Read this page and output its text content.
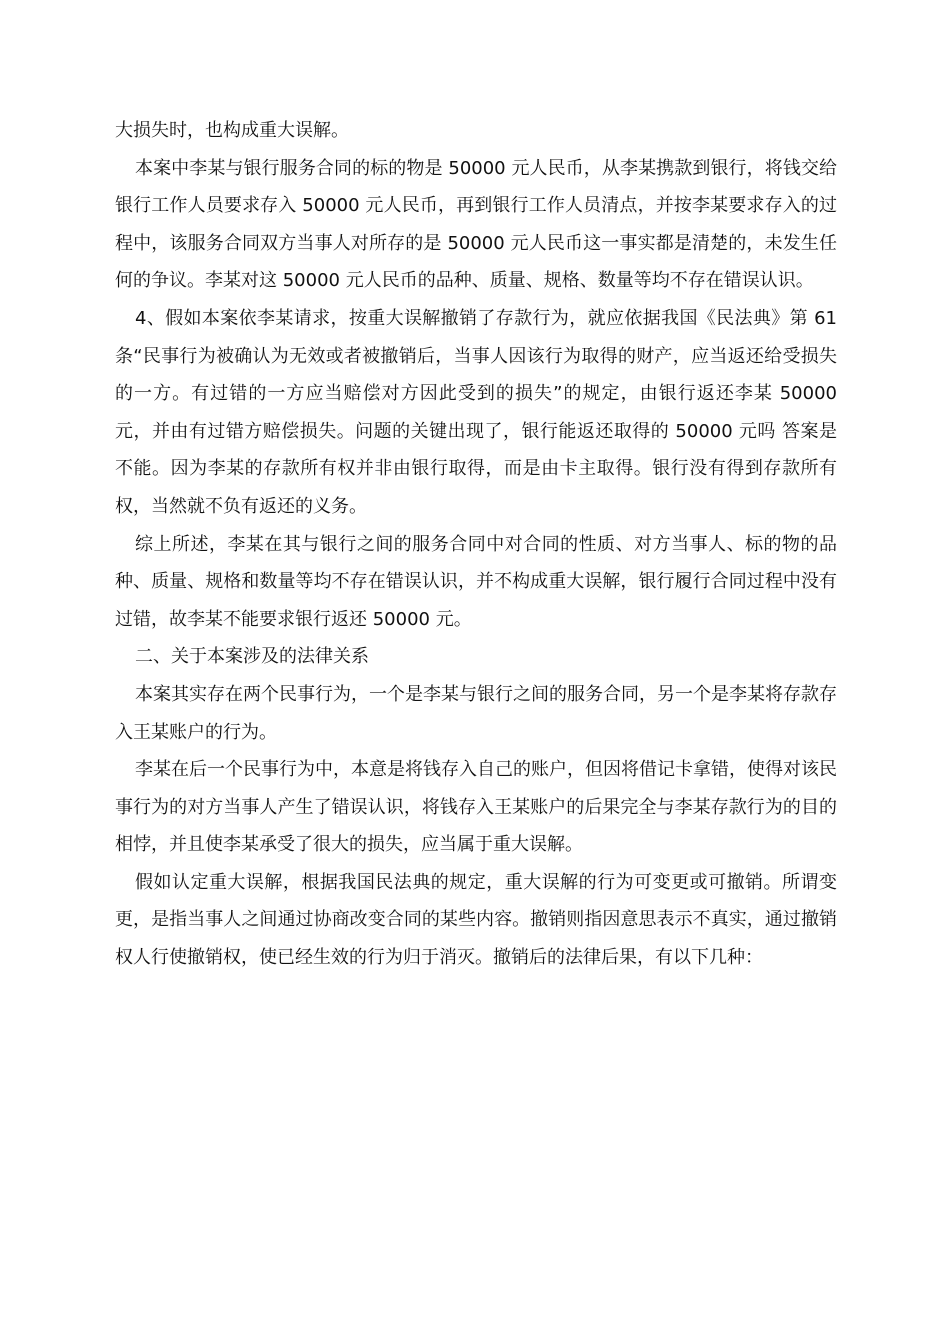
大损失时，也构成重大误解。

本案中李某与银行服务合同的标的物是 50000 元人民币，从李某携款到银行，将钱交给银行工作人员要求存入 50000 元人民币，再到银行工作人员清点，并按李某要求存入的过程中，该服务合同双方当事人对所存的是 50000 元人民币这一事实都是清楚的，未发生任何的争议。李某对这 50000 元人民币的品种、质量、规格、数量等均不存在错误认识。

4、假如本案依李某请求，按重大误解撤销了存款行为，就应依据我国《民法典》第 61 条“民事行为被确认为无效或者被撤销后，当事人因该行为取得的财产，应当返还给受损失的一方。有过错的一方应当赔偿对方因此受到的损失”的规定，由银行返还李某 50000 元，并由有过错方赔偿损失。问题的关键出现了，银行能返还取得的 50000 元吗 答案是不能。因为李某的存款所有权并非由银行取得，而是由卡主取得。银行没有得到存款所有权，当然就不负有返还的义务。

综上所述，李某在其与银行之间的服务合同中对合同的性质、对方当事人、标的物的品种、质量、规格和数量等均不存在错误认识，并不构成重大误解，银行履行合同过程中没有过错，故李某不能要求银行返还 50000 元。

二、关于本案涉及的法律关系

本案其实存在两个民事行为，一个是李某与银行之间的服务合同，另一个是李某将存款存入王某账户的行为。

李某在后一个民事行为中，本意是将钱存入自己的账户，但因将借记卡拿错，使得对该民事行为的对方当事人产生了错误认识，将钱存入王某账户的后果完全与李某存款行为的目的相悖，并且使李某承受了很大的损失，应当属于重大误解。

假如认定重大误解，根据我国民法典的规定，重大误解的行为可变更或可撤销。所谓变更，是指当事人之间通过协商改变合同的某些内容。撤销则指因意思表示不真实，通过撤销权人行使撤销权，使已经生效的行为归于消灭。撤销后的法律后果，有以下几种：
